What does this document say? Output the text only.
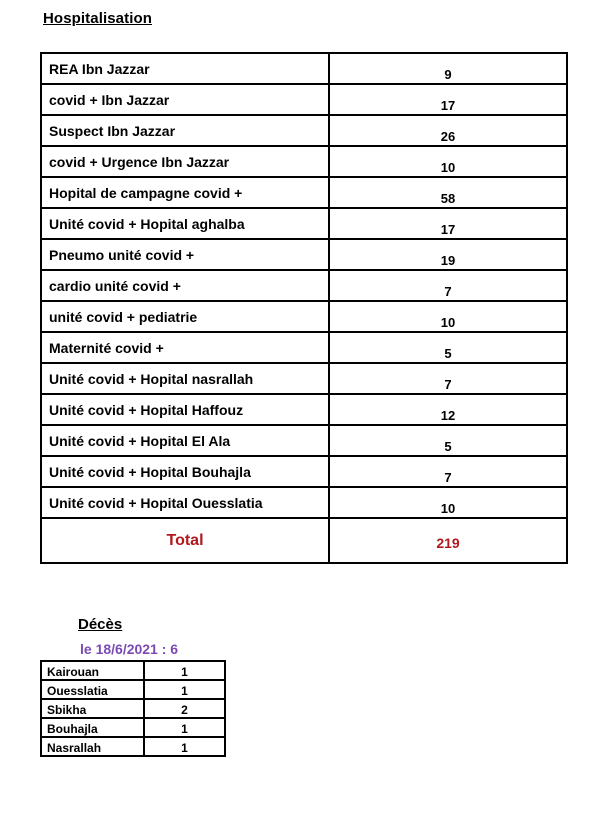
Hospitalisation
REA Ibn Jazzar	9
covid + Ibn Jazzar	17
Suspect Ibn Jazzar	26
covid + Urgence Ibn Jazzar	10
Hopital de campagne covid +	58
Unité covid + Hopital aghalba	17
Pneumo unité covid +	19
cardio unité covid +	7
unité covid + pediatrie	10
Maternité covid +	5
Unité covid + Hopital nasrallah	7
Unité covid + Hopital Haffouz	12
Unité covid + Hopital El Ala	5
Unité covid + Hopital Bouhajla	7
Unité covid + Hopital Ouesslatia	10
Total	219
Décès
le 18/6/2021 : 6
Kairouan	1
Ouesslatia	1
Sbikha	2
Bouhajla	1
Nasrallah	1
